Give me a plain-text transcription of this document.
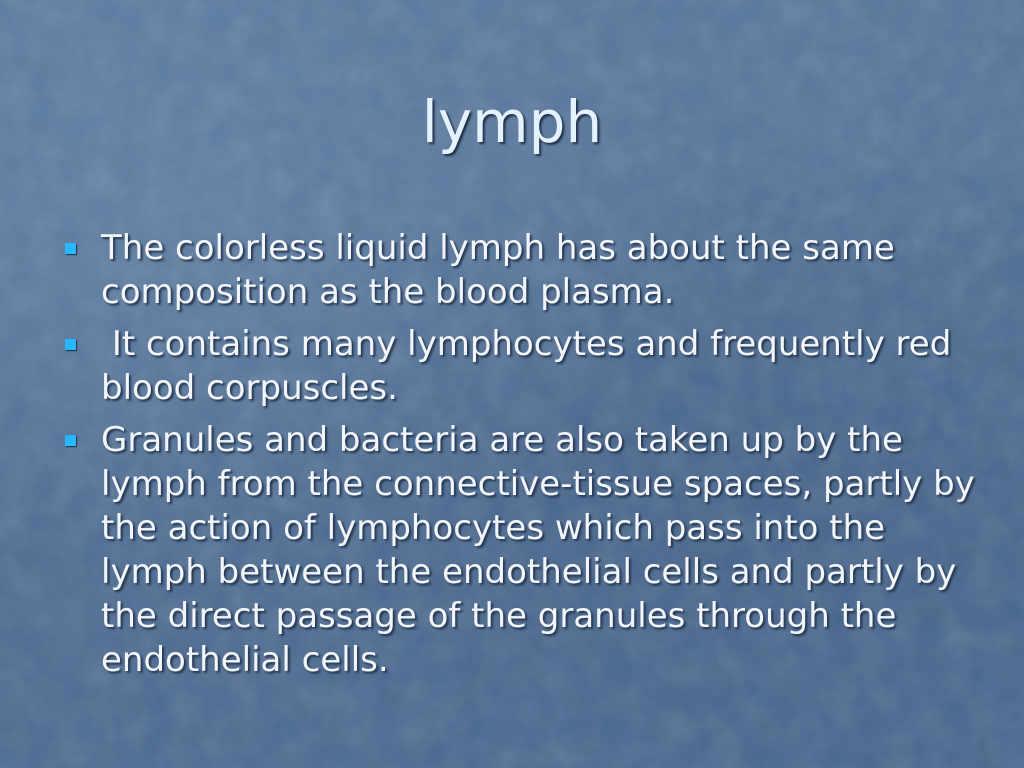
lymph
The colorless liquid lymph has about the same composition as the blood plasma.
It contains many lymphocytes and frequently red blood corpuscles.
Granules and bacteria are also taken up by the lymph from the connective-tissue spaces, partly by the action of lymphocytes which pass into the lymph between the endothelial cells and partly by the direct passage of the granules through the endothelial cells.
